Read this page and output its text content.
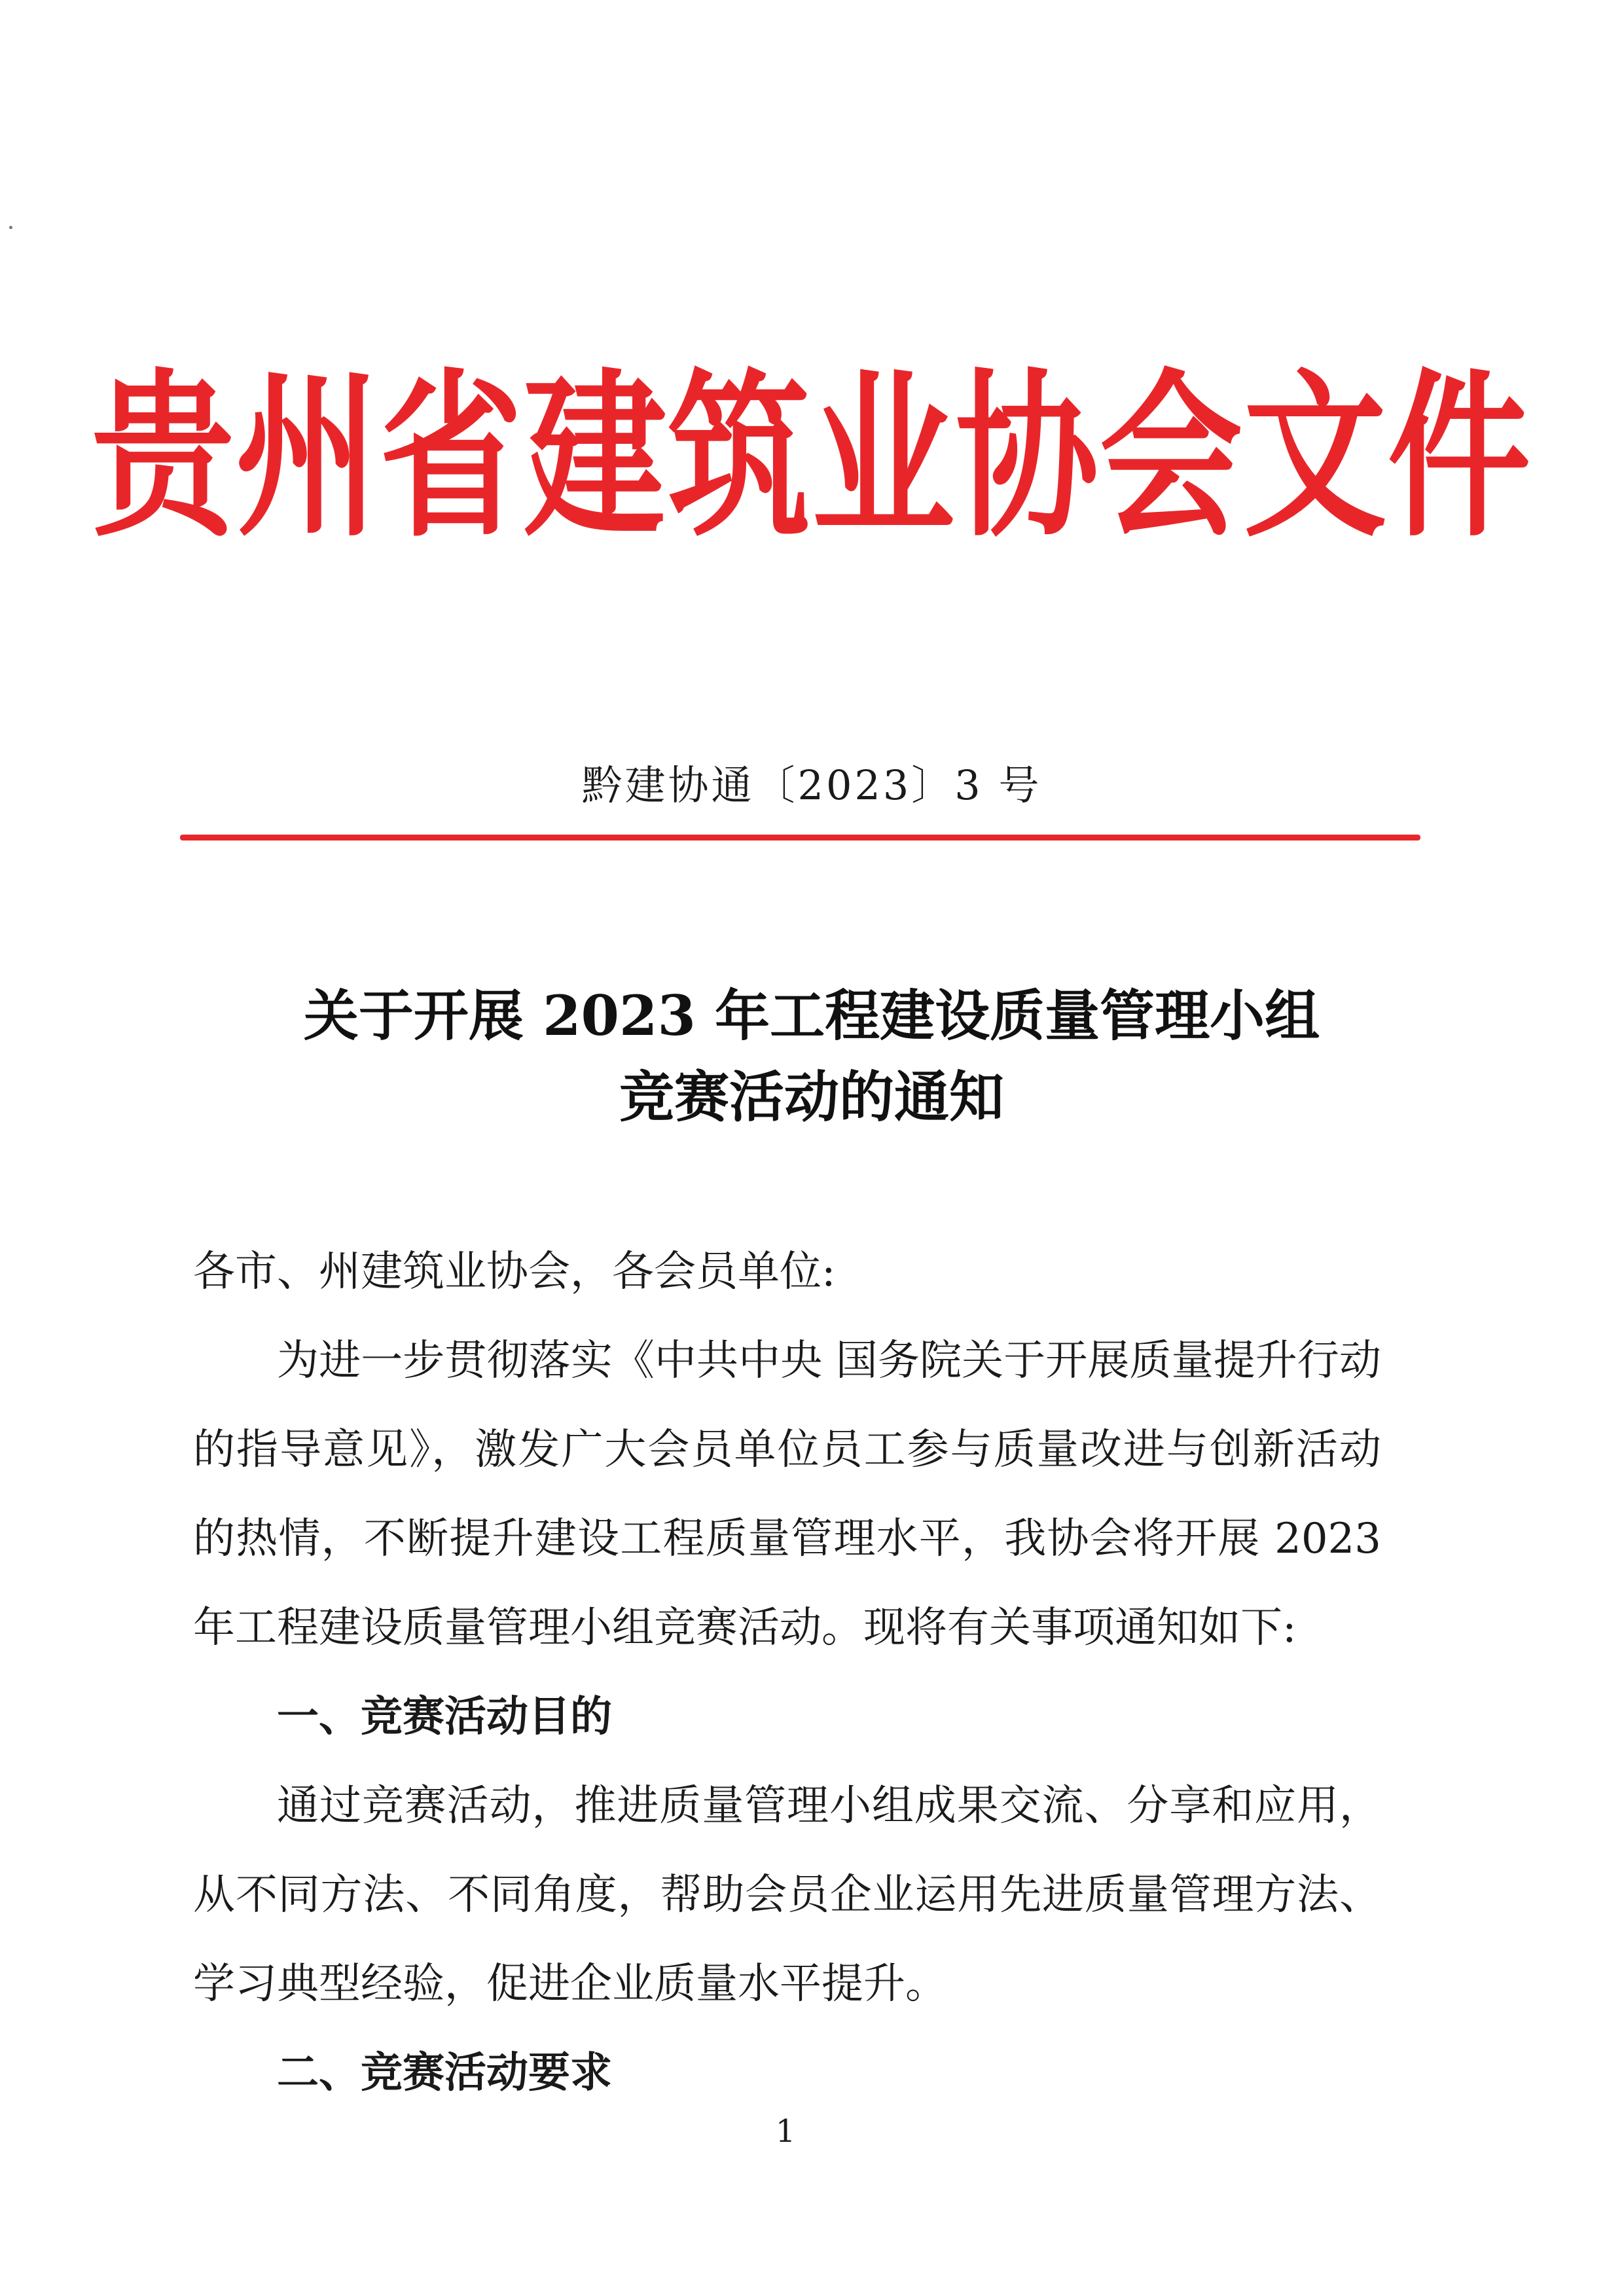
贵州省建筑业协会文件
黔建协通〔2023〕3 号
关于开展 2023 年工程建设质量管理小组
竞赛活动的通知

各市、州建筑业协会，各会员单位:

为进一步贯彻落实《中共中央 国务院关于开展质量提升行动的指导意见》，激发广大会员单位员工参与质量改进与创新活动的热情，不断提升建设工程质量管理水平，我协会将开展 2023 年工程建设质量管理小组竞赛活动。现将有关事项通知如下:

一、竞赛活动目的

通过竞赛活动，推进质量管理小组成果交流、分享和应用，从不同方法、不同角度，帮助会员企业运用先进质量管理方法、学习典型经验，促进企业质量水平提升。

二、竞赛活动要求

1
